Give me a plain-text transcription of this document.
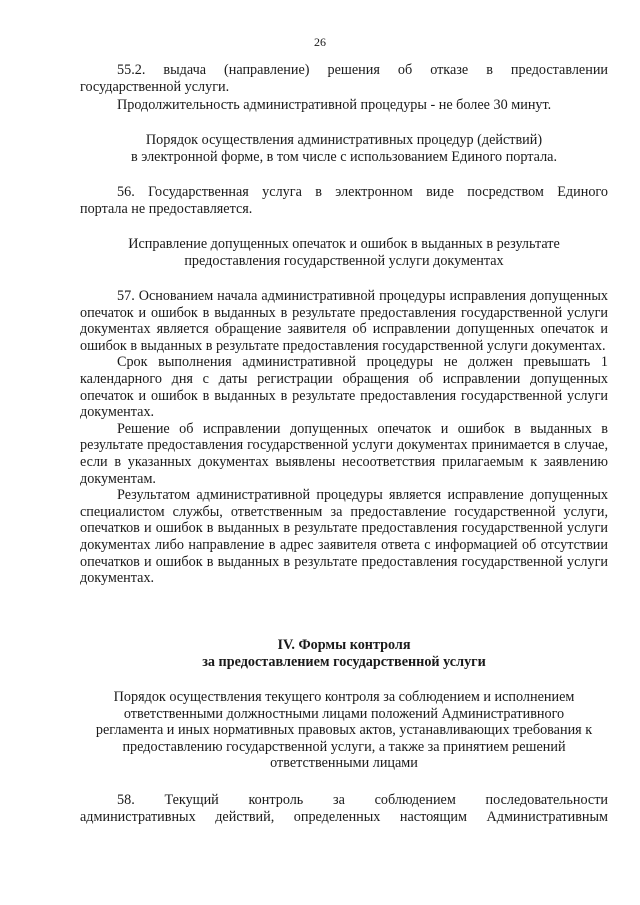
26

55.2. выдача (направление) решения об отказе в предоставлении

государственной услуги.

Продолжительность административной процедуры - не более 30 минут.

Порядок осуществления административных процедур (действий)

в электронной форме, в том числе с использованием Единого портала.

56. Государственная услуга в электронном виде посредством Единого

портала не предоставляется.

Исправление допущенных опечаток и ошибок в выданных в результате

предоставления государственной услуги документах

57. Основанием начала административной процедуры исправления допущенных опечаток и ошибок в выданных в результате предоставления государственной услуги документах является обращение заявителя об исправлении допущенных опечаток и ошибок в выданных в результате предоставления государственной услуги документах.

Срок выполнения административной процедуры не должен превышать 1 календарного дня с даты регистрации обращения об исправлении допущенных опечаток и ошибок в выданных в результате предоставления государственной услуги документах.

Решение об исправлении допущенных опечаток и ошибок в выданных в результате предоставления государственной услуги документах принимается в случае, если в указанных документах выявлены несоответствия прилагаемым к заявлению документам.

Результатом административной процедуры является исправление допущенных специалистом службы, ответственным за предоставление государственной услуги, опечатков и ошибок в выданных в результате предоставления государственной услуги документах либо направление в адрес заявителя ответа с информацией об отсутствии опечатков и ошибок в выданных в результате предоставления государственной услуги документах.

IV. Формы контроля

за предоставлением государственной услуги

Порядок осуществления текущего контроля за соблюдением и исполнением

ответственными должностными лицами положений Административного

регламента и иных нормативных правовых актов, устанавливающих требования к

предоставлению государственной услуги, а также за принятием решений

ответственными лицами

58. Текущий контроль за соблюдением последовательности

административных действий, определенных настоящим Административным
